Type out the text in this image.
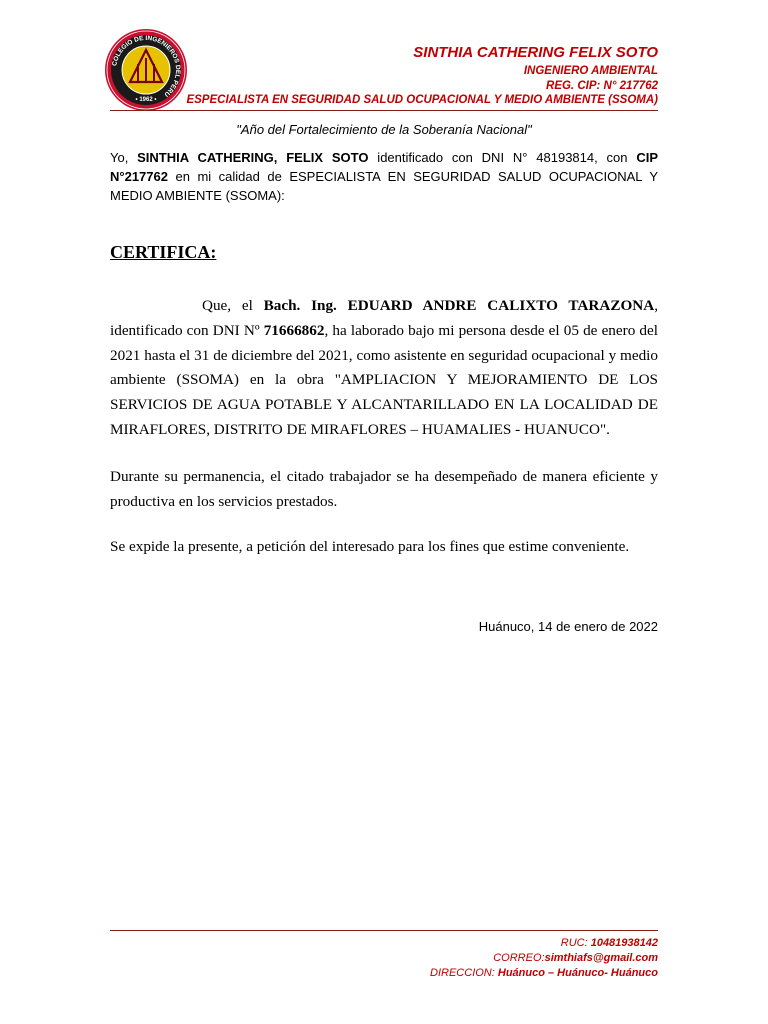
COLEGIO DE INGENIEROS DEL PERU
• 1962 •
SINTHIA CATHERING FELIX SOTO
INGENIERO AMBIENTAL
REG. CIP: N° 217762
ESPECIALISTA EN SEGURIDAD SALUD OCUPACIONAL Y MEDIO AMBIENTE (SSOMA)
"Año del Fortalecimiento de la Soberanía Nacional"
Yo, SINTHIA CATHERING, FELIX SOTO identificado con DNI N° 48193814, con CIP N°217762 en mi calidad de ESPECIALISTA EN SEGURIDAD SALUD OCUPACIONAL Y MEDIO AMBIENTE (SSOMA):
CERTIFICA:
Que, el Bach. Ing. EDUARD ANDRE CALIXTO TARAZONA, identificado con DNI Nº 71666862, ha laborado bajo mi persona desde el 05 de enero del 2021 hasta el 31 de diciembre del 2021, como asistente en seguridad ocupacional y medio ambiente (SSOMA) en la obra "AMPLIACION Y MEJORAMIENTO DE LOS SERVICIOS DE AGUA POTABLE Y ALCANTARILLADO EN LA LOCALIDAD DE MIRAFLORES, DISTRITO DE MIRAFLORES – HUAMALIES - HUANUCO".
Durante su permanencia, el citado trabajador se ha desempeñado de manera eficiente y productiva en los servicios prestados.
Se expide la presente, a petición del interesado para los fines que estime conveniente.
Huánuco, 14 de enero de 2022
RUC: 10481938142
CORREO:simthiafs@gmail.com
DIRECCION: Huánuco – Huánuco- Huánuco
